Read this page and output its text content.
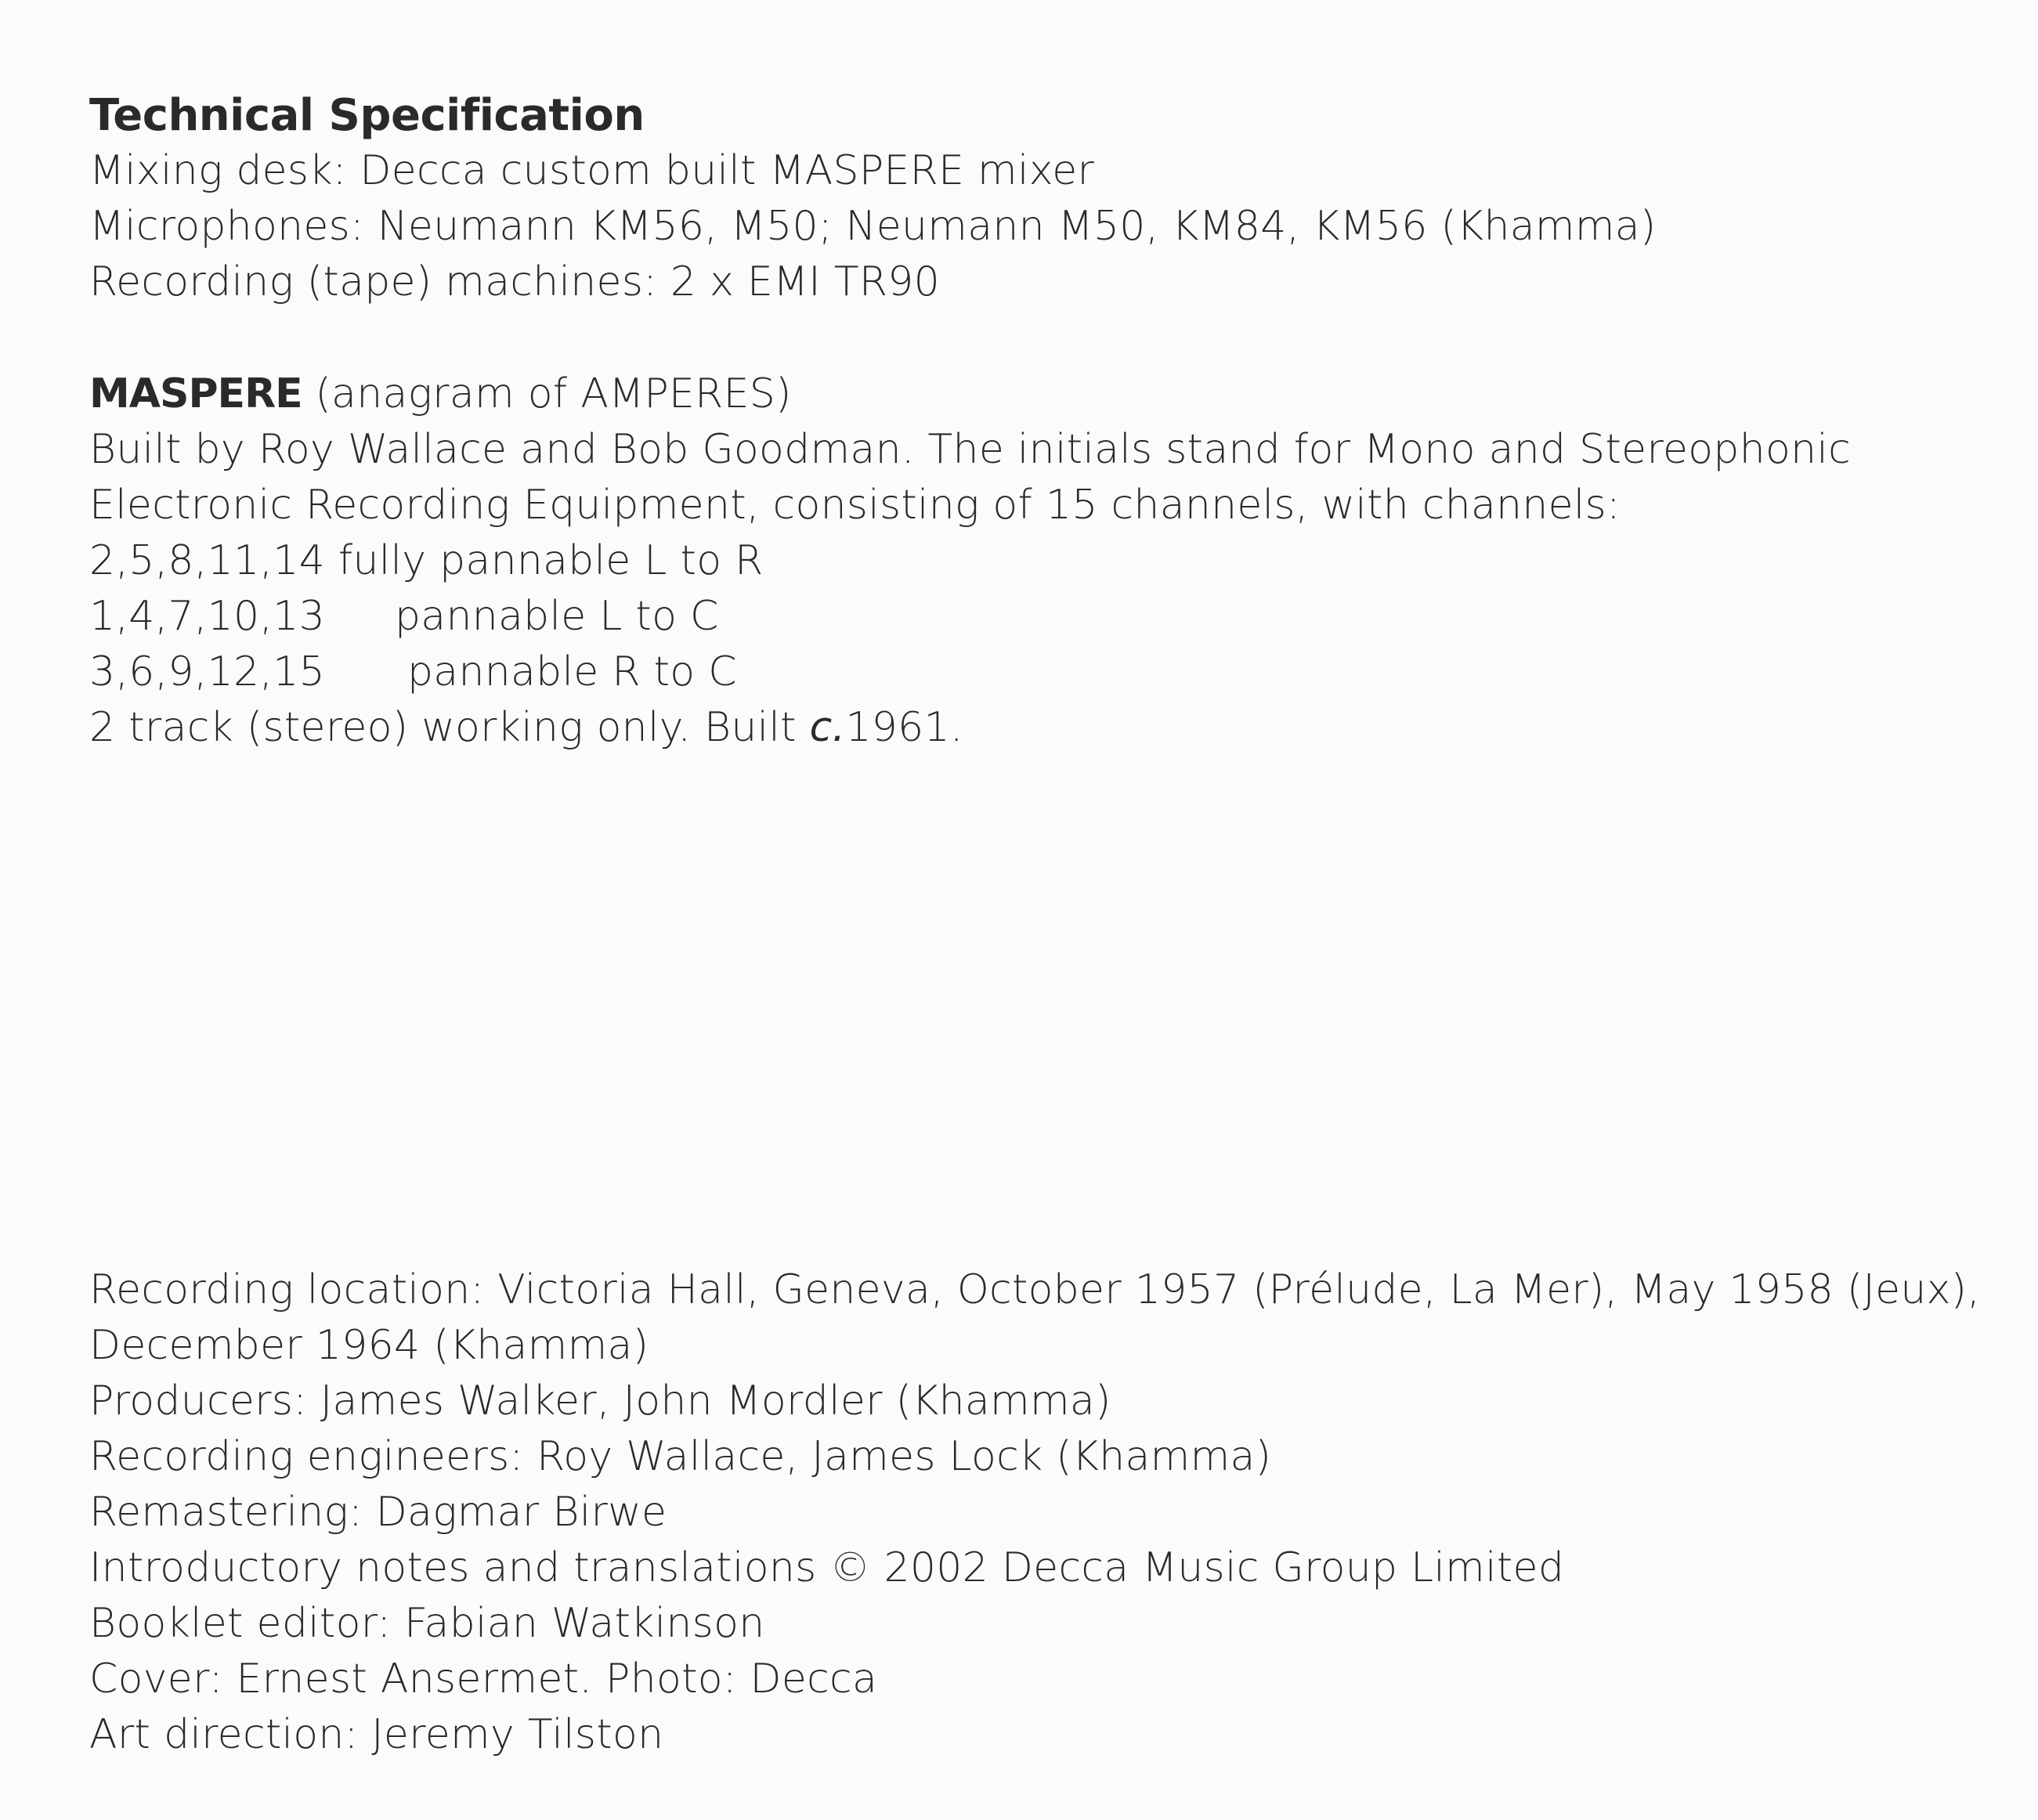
Technical Specification
Mixing desk: Decca custom built MASPERE mixer
Microphones: Neumann KM56, M50; Neumann M50, KM84, KM56 (Khamma)
Recording (tape) machines: 2 x EMI TR90
MASPERE (anagram of AMPERES)
Built by Roy Wallace and Bob Goodman. The initials stand for Mono and Stereophonic
Electronic Recording Equipment, consisting of 15 channels, with channels:
2,5,8,11,14 fully pannable L to R
1,4,7,10,13	pannable L to C
3,6,9,12,15	pannable R to C
2 track (stereo) working only. Built c.1961.
Recording location: Victoria Hall, Geneva, October 1957 (Prélude, La Mer), May 1958 (Jeux),
December 1964 (Khamma)
Producers: James Walker, John Mordler (Khamma)
Recording engineers: Roy Wallace, James Lock (Khamma)
Remastering: Dagmar Birwe
Introductory notes and translations © 2002 Decca Music Group Limited
Booklet editor: Fabian Watkinson
Cover: Ernest Ansermet. Photo: Decca
Art direction: Jeremy Tilston
